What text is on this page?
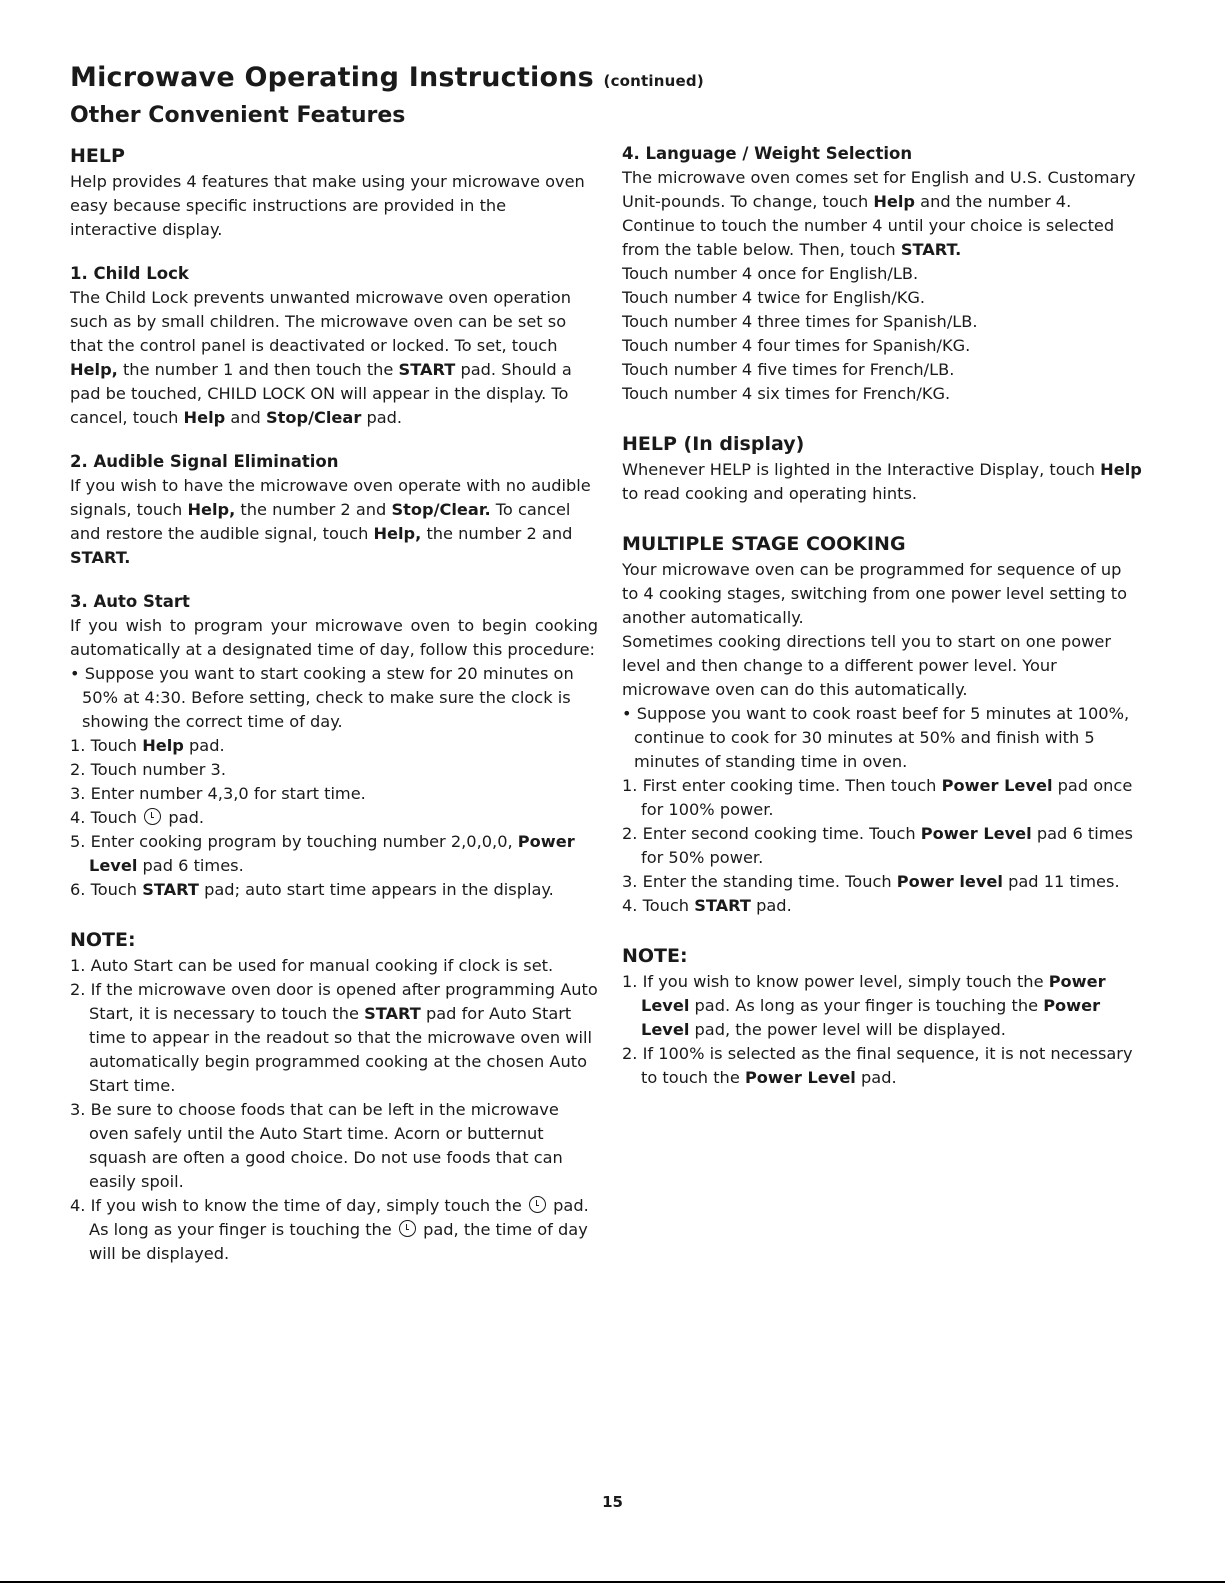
Microwave Operating Instructions (continued)
Other Convenient Features
HELP

Help provides 4 features that make using your microwave oven easy because specific instructions are provided in the interactive display.

1. Child Lock

The Child Lock prevents unwanted microwave oven operation such as by small children. The microwave oven can be set so that the control panel is deactivated or locked. To set, touch Help, the number 1 and then touch the START pad. Should a pad be touched, CHILD LOCK ON will appear in the display. To cancel, touch Help and Stop/Clear pad.

2. Audible Signal Elimination

If you wish to have the microwave oven operate with no audible signals, touch Help, the number 2 and Stop/Clear. To cancel and restore the audible signal, touch Help, the number 2 and START.

3. Auto Start

If you wish to program your microwave oven to begin cooking automatically at a designated time of day, follow this procedure:

• Suppose you want to start cooking a stew for 20 minutes on 50% at 4:30. Before setting, check to make sure the clock is showing the correct time of day.

1. Touch Help pad.

2. Touch number 3.

3. Enter number 4,3,0 for start time.

4. Touch pad.

5. Enter cooking program by touching number 2,0,0,0, Power Level pad 6 times.

6. Touch START pad; auto start time appears in the display.

NOTE:

1. Auto Start can be used for manual cooking if clock is set.

2. If the microwave oven door is opened after programming Auto Start, it is necessary to touch the START pad for Auto Start time to appear in the readout so that the microwave oven will automatically begin programmed cooking at the chosen Auto Start time.

3. Be sure to choose foods that can be left in the microwave oven safely until the Auto Start time. Acorn or butternut squash are often a good choice. Do not use foods that can easily spoil.

4. If you wish to know the time of day, simply touch the pad. As long as your finger is touching the pad, the time of day will be displayed.

4. Language / Weight Selection

The microwave oven comes set for English and U.S. Customary Unit-pounds. To change, touch Help and the number 4. Continue to touch the number 4 until your choice is selected from the table below. Then, touch START.

Touch number 4 once for English/LB.

Touch number 4 twice for English/KG.

Touch number 4 three times for Spanish/LB.

Touch number 4 four times for Spanish/KG.

Touch number 4 five times for French/LB.

Touch number 4 six times for French/KG.

HELP (In display)

Whenever HELP is lighted in the Interactive Display, touch Help to read cooking and operating hints.

MULTIPLE STAGE COOKING

Your microwave oven can be programmed for sequence of up to 4 cooking stages, switching from one power level setting to another automatically.

Sometimes cooking directions tell you to start on one power level and then change to a different power level. Your microwave oven can do this automatically.

• Suppose you want to cook roast beef for 5 minutes at 100%, continue to cook for 30 minutes at 50% and finish with 5 minutes of standing time in oven.

1. First enter cooking time. Then touch Power Level pad once for 100% power.

2. Enter second cooking time. Touch Power Level pad 6 times for 50% power.

3. Enter the standing time. Touch Power level pad 11 times.

4. Touch START pad.

NOTE:

1. If you wish to know power level, simply touch the Power Level pad. As long as your finger is touching the Power Level pad, the power level will be displayed.

2. If 100% is selected as the final sequence, it is not necessary to touch the Power Level pad.

15
